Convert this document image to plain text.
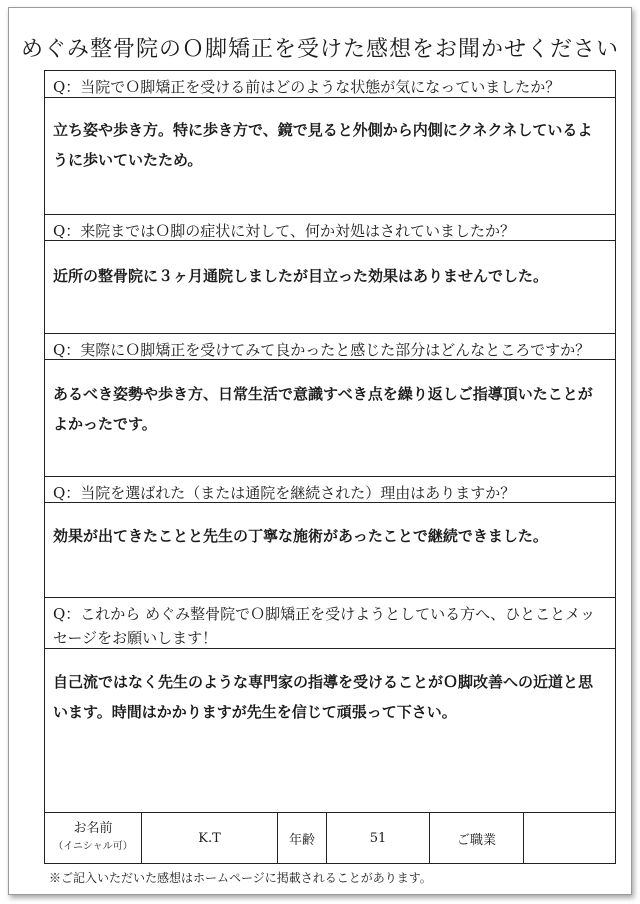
めぐみ整骨院のＯ脚矯正を受けた感想をお聞かせください
Q：当院でＯ脚矯正を受ける前はどのような状態が気になっていましたか？
立ち姿や歩き方。特に歩き方で、鏡で見ると外側から内側にクネクネしているように歩いていたため。
Q：来院まではＯ脚の症状に対して、何か対処はされていましたか？
近所の整骨院に３ヶ月通院しましたが目立った効果はありませんでした。
Q：実際にＯ脚矯正を受けてみて良かったと感じた部分はどんなところですか？
あるべき姿勢や歩き方、日常生活で意識すべき点を繰り返しご指導頂いたことがよかったです。
Q：当院を選ばれた（または通院を継続された）理由はありますか？
効果が出てきたことと先生の丁寧な施術があったことで継続できました。
Q：これから めぐみ整骨院でＯ脚矯正を受けようとしている方へ、ひとことメッセージをお願いします！
自己流ではなく先生のような専門家の指導を受けることがＯ脚改善への近道と思います。時間はかかりますが先生を信じて頑張って下さい。
お名前
（イニシャル可）
K.T	年齢	51	ご職業
※ご記入いただいた感想はホームページに掲載されることがあります。
